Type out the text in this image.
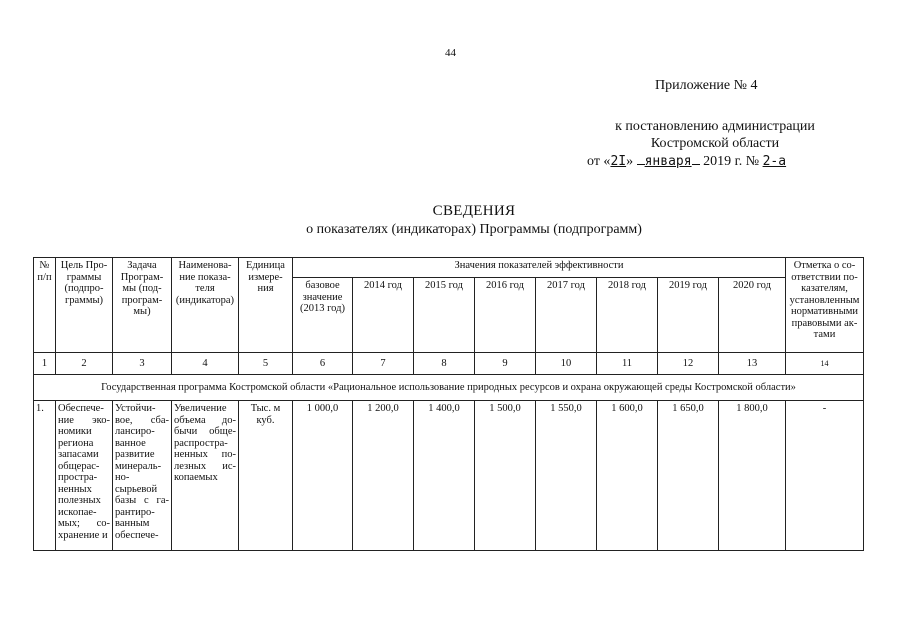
44
Приложение № 4
к постановлению администрации
Костромской области
от «2I» января 2019 г. № 2-а
СВЕДЕНИЯ
о показателях (индикаторах) Программы (подпрограмм)
№ п/п	Цель Про-граммы (подпро-граммы)	Задача Програм-мы (под-програм-мы)	Наименова-ние показа-теля (индикатора)	Единица измере-ния	Значения показателей эффективности								Отметка о со-ответствии по-казателям, установленным нормативными правовыми ак-тами
					базовое значение (2013 год)	2014 год	2015 год	2016 год	2017 год	2018 год	2019 год	2020 год	
1	2	3	4	5	6	7	8	9	10	11	12	13	14
Государственная программа Костромской области «Рациональное использование природных ресурсов и охрана окружающей среды Костромской области»													
1.	Обеспече-ние эко-номики региона запасами общерас-простра-ненных полезных ископае-мых; со-хранение и	Устойчи-вое, сба-лансиро-ванное развитие минераль-но-сырьевой базы с га-рантиро-ванным обеспече-	Увеличение объема до-бычи обще-распростра-ненных по-лезных ис-копаемых	Тыс. м куб.	1 000,0	1 200,0	1 400,0	1 500,0	1 550,0	1 600,0	1 650,0	1 800,0	-
